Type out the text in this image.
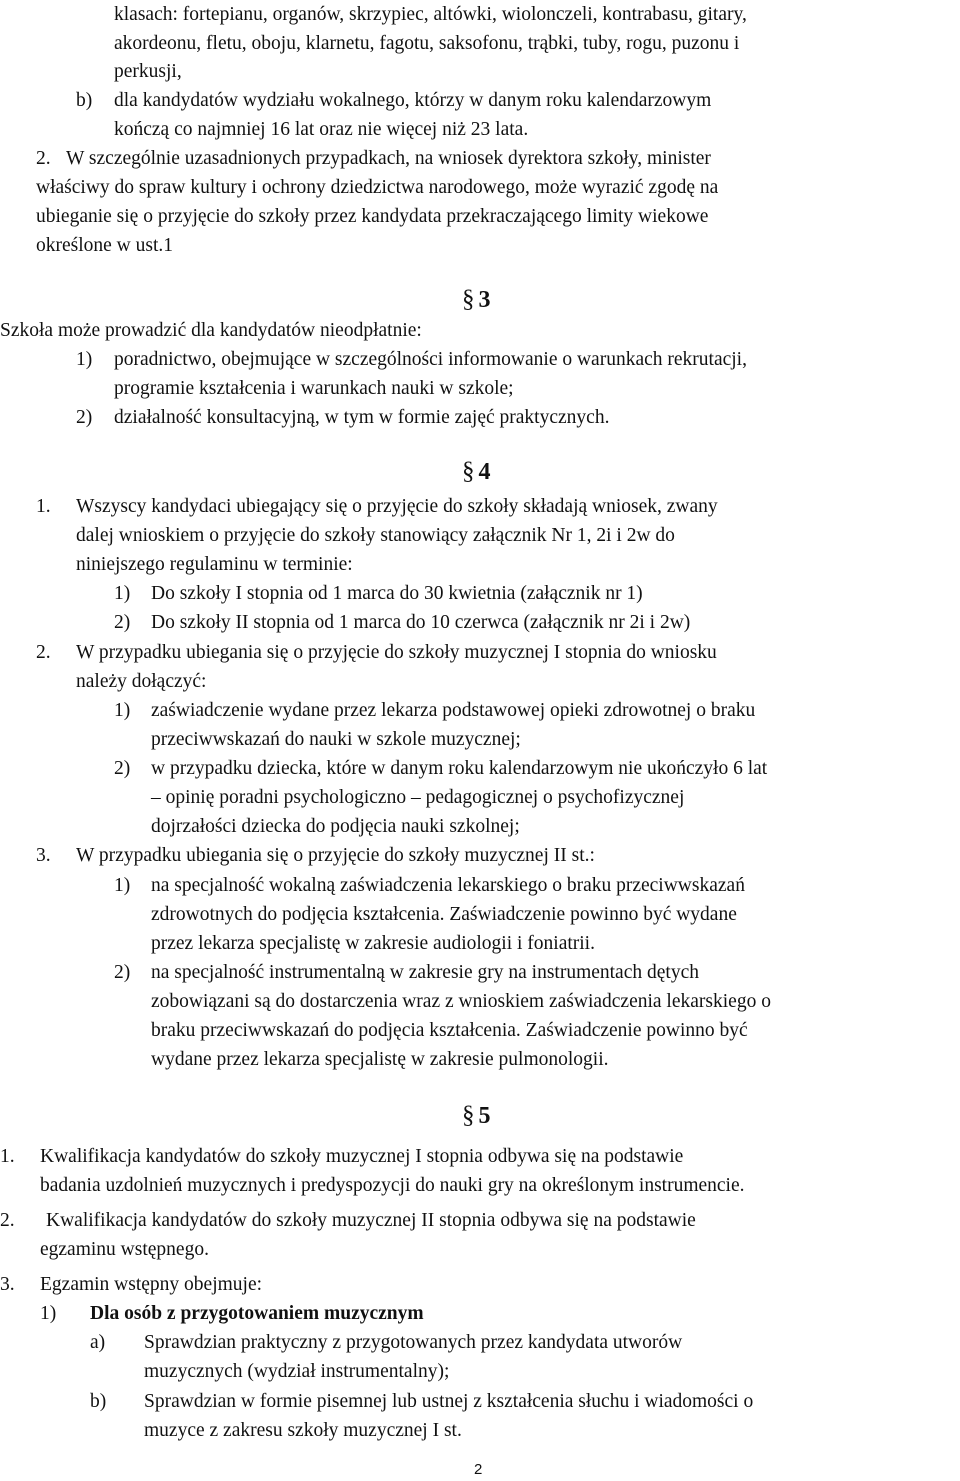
klasach: fortepianu, organów, skrzypiec, altówki, wiolonczeli, kontrabasu, gitary,
akordeonu, fletu, oboju, klarnetu, fagotu, saksofonu, trąbki, tuby, rogu, puzonu i
perkusji,
b) dla kandydatów wydziału wokalnego, którzy w danym roku kalendarzowym
kończą co najmniej 16 lat oraz nie więcej niż 23 lata.
2. W szczególnie uzasadnionych przypadkach, na wniosek dyrektora szkoły, minister
właściwy do spraw kultury i ochrony dziedzictwa narodowego, może wyrazić zgodę na
ubieganie się o przyjęcie do szkoły przez kandydata przekraczającego limity wiekowe
określone w ust.1
§ 3
Szkoła może prowadzić dla kandydatów nieodpłatnie:
1) poradnictwo, obejmujące w szczególności informowanie o warunkach rekrutacji,
programie kształcenia i warunkach nauki w szkole;
2) działalność konsultacyjną, w tym w formie zajęć praktycznych.
§ 4
1. Wszyscy kandydaci ubiegający się o przyjęcie do szkoły składają wniosek, zwany
dalej wnioskiem o przyjęcie do szkoły stanowiący załącznik Nr 1, 2i i 2w do
niniejszego regulaminu w terminie:
1) Do szkoły I stopnia od 1 marca do 30 kwietnia (załącznik nr 1)
2) Do szkoły II stopnia od 1 marca do 10 czerwca (załącznik nr 2i i 2w)
2. W przypadku ubiegania się o przyjęcie do szkoły muzycznej I stopnia do wniosku
należy dołączyć:
1) zaświadczenie wydane przez lekarza podstawowej opieki zdrowotnej o braku
przeciwwskazań do nauki w szkole muzycznej;
2) w przypadku dziecka, które w danym roku kalendarzowym nie ukończyło 6 lat
– opinię poradni psychologiczno – pedagogicznej o psychofizycznej
dojrzałości dziecka do podjęcia nauki szkolnej;
3. W przypadku ubiegania się o przyjęcie do szkoły muzycznej II st.:
1) na specjalność wokalną zaświadczenia lekarskiego o braku przeciwwskazań
zdrowotnych do podjęcia kształcenia. Zaświadczenie powinno być wydane
przez lekarza specjalistę w zakresie audiologii i foniatrii.
2) na specjalność instrumentalną w zakresie gry na instrumentach dętych
zobowiązani są do dostarczenia wraz z wnioskiem zaświadczenia lekarskiego o
braku przeciwwskazań do podjęcia kształcenia. Zaświadczenie powinno być
wydane przez lekarza specjalistę w zakresie pulmonologii.
§ 5
1. Kwalifikacja kandydatów do szkoły muzycznej I stopnia odbywa się na podstawie
badania uzdolnień muzycznych i predyspozycji do nauki gry na określonym instrumencie.
2. Kwalifikacja kandydatów do szkoły muzycznej II stopnia odbywa się na podstawie
egzaminu wstępnego.
3. Egzamin wstępny obejmuje:
1) Dla osób z przygotowaniem muzycznym
a) Sprawdzian praktyczny z przygotowanych przez kandydata utworów
muzycznych (wydział instrumentalny);
b) Sprawdzian w formie pisemnej lub ustnej z kształcenia słuchu i wiadomości o
muzyce z zakresu szkoły muzycznej I st.
2
